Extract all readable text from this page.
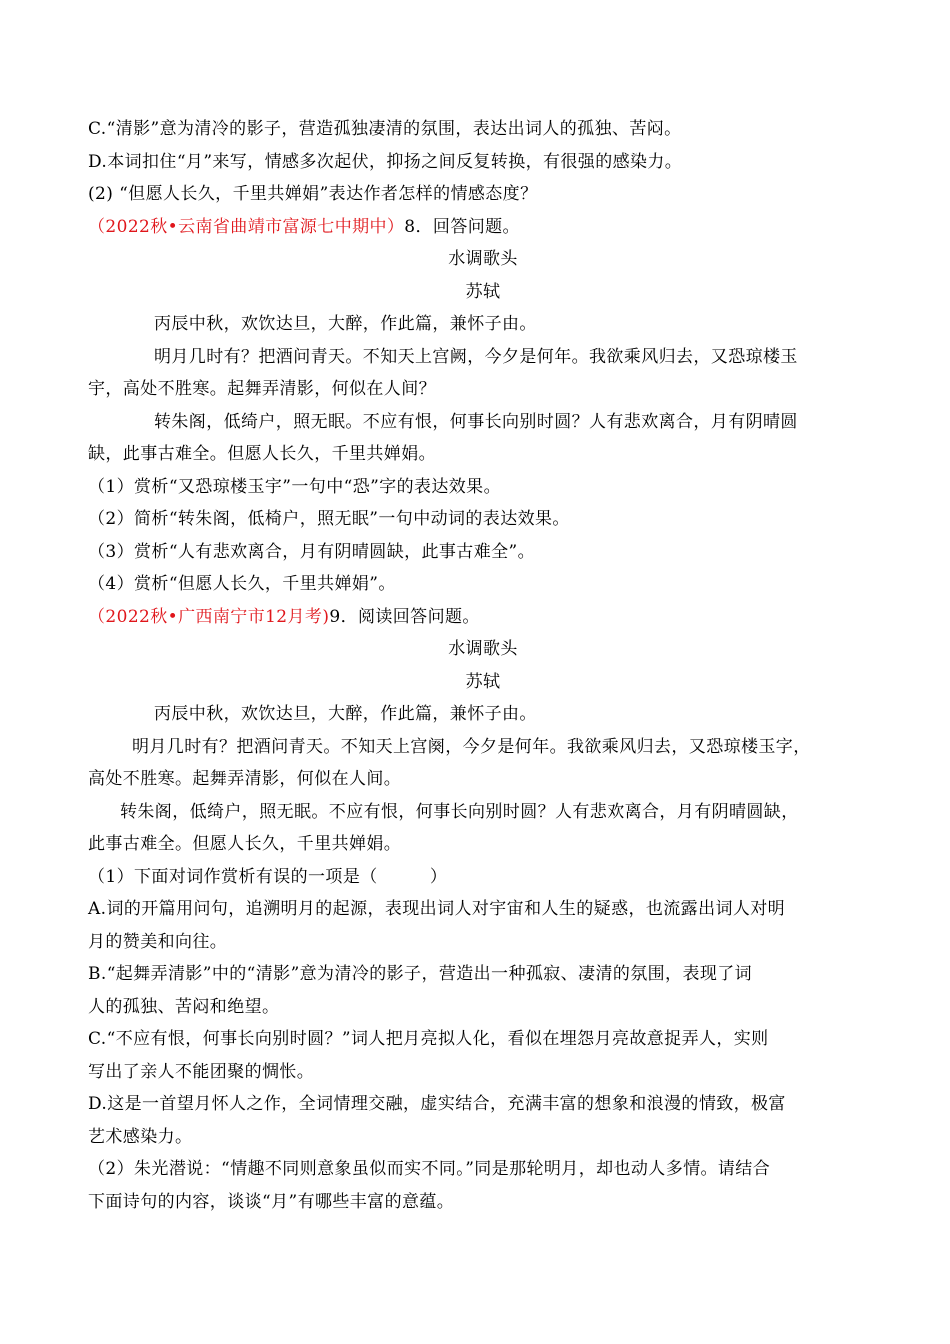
C.“清影”意为清冷的影子，营造孤独凄清的氛围，表达出词人的孤独、苦闷。
D.本词扣住“月”来写，情感多次起伏，抑扬之间反复转换，有很强的感染力。
(2) “但愿人长久，千里共婵娟”表达作者怎样的情感态度？
（2022秋•云南省曲靖市富源七中期中）8．回答问题。
水调歌头
苏轼
丙辰中秋，欢饮达旦，大醉，作此篇，兼怀子由。
明月几时有？把酒问青天。不知天上宫阙，今夕是何年。我欲乘风归去，又恐琼楼玉
宇，高处不胜寒。起舞弄清影，何似在人间？
转朱阁，低绮户，照无眠。不应有恨，何事长向别时圆？人有悲欢离合，月有阴晴圆
缺，此事古难全。但愿人长久，千里共婵娟。
（1）赏析“又恐琼楼玉宇”一句中“恐”字的表达效果。
（2）简析“转朱阁，低椅户，照无眠”一句中动词的表达效果。
（3）赏析“人有悲欢离合，月有阴晴圆缺，此事古难全”。
（4）赏析“但愿人长久，千里共婵娟”。
（2022秋•广西南宁市12月考)9．阅读回答问题。
水调歌头
苏轼
丙辰中秋，欢饮达旦，大醉，作此篇，兼怀子由。
明月几时有？把酒问青天。不知天上宫阕，今夕是何年。我欲乘风归去，又恐琼楼玉字，
高处不胜寒。起舞弄清影，何似在人间。
转朱阁，低绮户，照无眠。不应有恨，何事长向别时圆？人有悲欢离合，月有阴晴圆缺，
此事古难全。但愿人长久，千里共婵娟。
（1）下面对词作赏析有误的一项是（　　　）
A.词的开篇用问句，追溯明月的起源，表现出词人对宇宙和人生的疑惑，也流露出词人对明
月的赞美和向往。
B.“起舞弄清影”中的“清影”意为清冷的影子，营造出一种孤寂、凄清的氛围，表现了词
人的孤独、苦闷和绝望。
C.“不应有恨，何事长向别时圆？”词人把月亮拟人化，看似在埋怨月亮故意捉弄人，实则
写出了亲人不能团聚的惆怅。
D.这是一首望月怀人之作，全词情理交融，虚实结合，充满丰富的想象和浪漫的情致，极富
艺术感染力。
（2）朱光潜说：“情趣不同则意象虽似而实不同。”同是那轮明月，却也动人多情。请结合
下面诗句的内容，谈谈“月”有哪些丰富的意蕴。
